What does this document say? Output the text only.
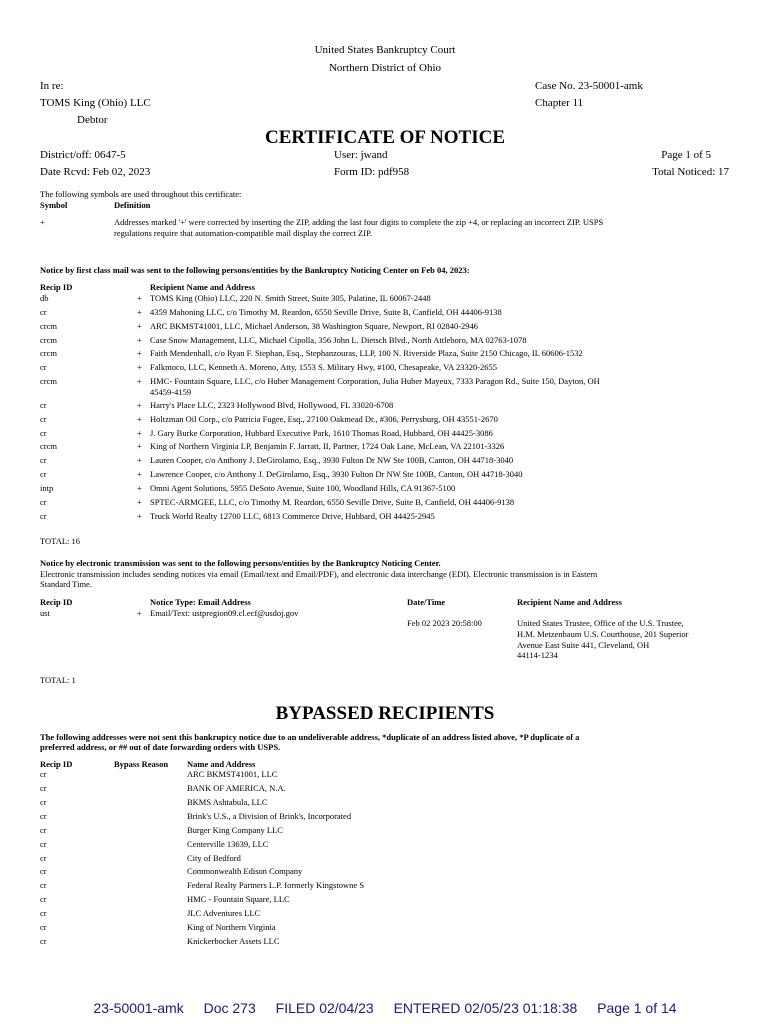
United States Bankruptcy Court
Northern District of Ohio
In re:	Case No. 23-50001-amk
TOMS King (Ohio) LLC	Chapter 11
Debtor
CERTIFICATE OF NOTICE
District/off: 0647-5	User: jwand	Page 1 of 5
Date Rcvd: Feb 02, 2023	Form ID: pdf958	Total Noticed: 17
The following symbols are used throughout this certificate:
Symbol	Definition
+	Addresses marked '+' were corrected by inserting the ZIP, adding the last four digits to complete the zip +4, or replacing an incorrect ZIP. USPS
regulations require that automation-compatible mail display the correct ZIP.
Notice by first class mail was sent to the following persons/entities by the Bankruptcy Noticing Center on Feb 04, 2023:
Recip ID	Recipient Name and Address
db	+ TOMS King (Ohio) LLC, 220 N. Smith Street, Suite 305, Palatine, IL 60067-2448
cr	+ 4359 Mahoning LLC, c/o Timothy M. Reardon, 6550 Seville Drive, Suite B, Canfield, OH 44406-9138
crcm	+ ARC BKMST41001, LLC, Michael Anderson, 38 Washington Square, Newport, RI 02840-2946
crcm	+ Case Snow Management, LLC, Michael Cipolla, 356 John L. Dietsch Blvd., North Attleboro, MA 02763-1078
crcm	+ Faith Mendenhall, c/o Ryan F. Stephan, Esq., Stephanzouras, LLP, 100 N. Riverside Plaza, Suite 2150 Chicago, IL 60606-1532
cr	+ Falkmoco, LLC, Kenneth A. Moreno, Atty, 1553 S. Military Hwy, #100, Chesapeake, VA 23320-2655
crcm	+ HMC- Fountain Square, LLC, c/o Huber Management Corporation, Julia Huber Mayeux, 7333 Paragon Rd., Suite 150, Dayton, OH
45459-4159
cr	+ Harry's Place LLC, 2323 Hollywood Blvd, Hollywood, FL 33020-6708
cr	+ Holtzman Oil Corp., c/o Patricia Fugee, Esq., 27100 Oakmead Dr., #306, Perrysburg, OH 43551-2670
cr	+ J. Gary Burke Corporation, Hubbard Executive Park, 1610 Thomas Road, Hubbard, OH 44425-3086
crcm	+ King of Northern Virginia LP, Benjamin F. Jarratt, II, Partner, 1724 Oak Lane, McLean, VA 22101-3326
cr	+ Lauren Cooper, c/o Anthony J. DeGirolamo, Esq., 3930 Fulton Dr NW Ste 100B, Canton, OH 44718-3040
cr	+ Lawrence Cooper, c/o Anthony J. DeGirolamo, Esq., 3930 Fulton Dr NW Ste 100B, Canton, OH 44718-3040
intp	+ Omni Agent Solutions, 5955 DeSoto Avenue, Suite 100, Woodland Hills, CA 91367-5100
cr	+ SPTEC-ARMGEE, LLC, c/o Timothy M. Reardon, 6550 Seville Drive, Suite B, Canfield, OH 44406-9138
cr	+ Truck World Realty 12700 LLC, 6813 Commerce Drive, Hubbard, OH 44425-2945
TOTAL: 16
Notice by electronic transmission was sent to the following persons/entities by the Bankruptcy Noticing Center.
Electronic transmission includes sending notices via email (Email/text and Email/PDF), and electronic data interchange (EDI). Electronic transmission is in Eastern
Standard Time.
Recip ID	Notice Type: Email Address	Date/Time	Recipient Name and Address
ust	+ Email/Text: ustpregion09.cl.ecf@usdoj.gov
Feb 02 2023 20:58:00	United States Trustee, Office of the U.S. Trustee,
H.M. Metzenbaum U.S. Courthouse, 201 Superior
Avenue East Suite 441, Cleveland, OH
44114-1234
TOTAL: 1
BYPASSED RECIPIENTS
The following addresses were not sent this bankruptcy notice due to an undeliverable address, *duplicate of an address listed above, *P duplicate of a
preferred address, or ## out of date forwarding orders with USPS.
Recip ID	Bypass Reason Name and Address
cr	ARC BKMST41001, LLC
cr	BANK OF AMERICA, N.A.
cr	BKMS Ashtabula, LLC
cr	Brink's U.S., a Division of Brink's, Incorporated
cr	Burger King Company LLC
cr	Centerville 13639, LLC
cr	City of Bedford
cr	Commonwealth Edison Company
cr	Federal Realty Partners L.P. formerly Kingstowne S
cr	HMC - Fountain Square, LLC
cr	JLC Adventures LLC
cr	King of Northern Virginia
cr	Knickerbocker Assets LLC
23-50001-amk Doc 273 FILED 02/04/23 ENTERED 02/05/23 01:18:38 Page 1 of 14
